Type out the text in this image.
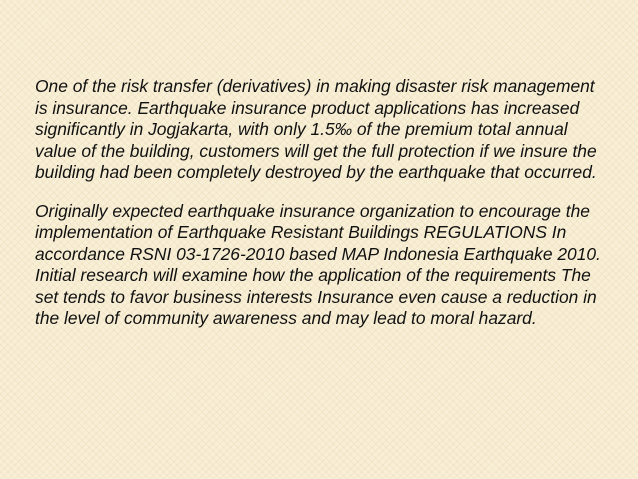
One of the risk transfer (derivatives) in making disaster risk management is insurance. Earthquake insurance product applications has increased significantly in Jogjakarta, with only 1.5‰ of the premium total annual value of the building, customers will get the full protection if we insure the building had been completely destroyed by the earthquake that occurred.

Originally expected earthquake insurance organization to encourage the implementation of Earthquake Resistant Buildings REGULATIONS In accordance RSNI 03-1726-2010 based MAP Indonesia Earthquake 2010. Initial research will examine how the application of the requirements The set tends to favor business interests Insurance even cause a reduction in the level of community awareness and may lead to moral hazard.
